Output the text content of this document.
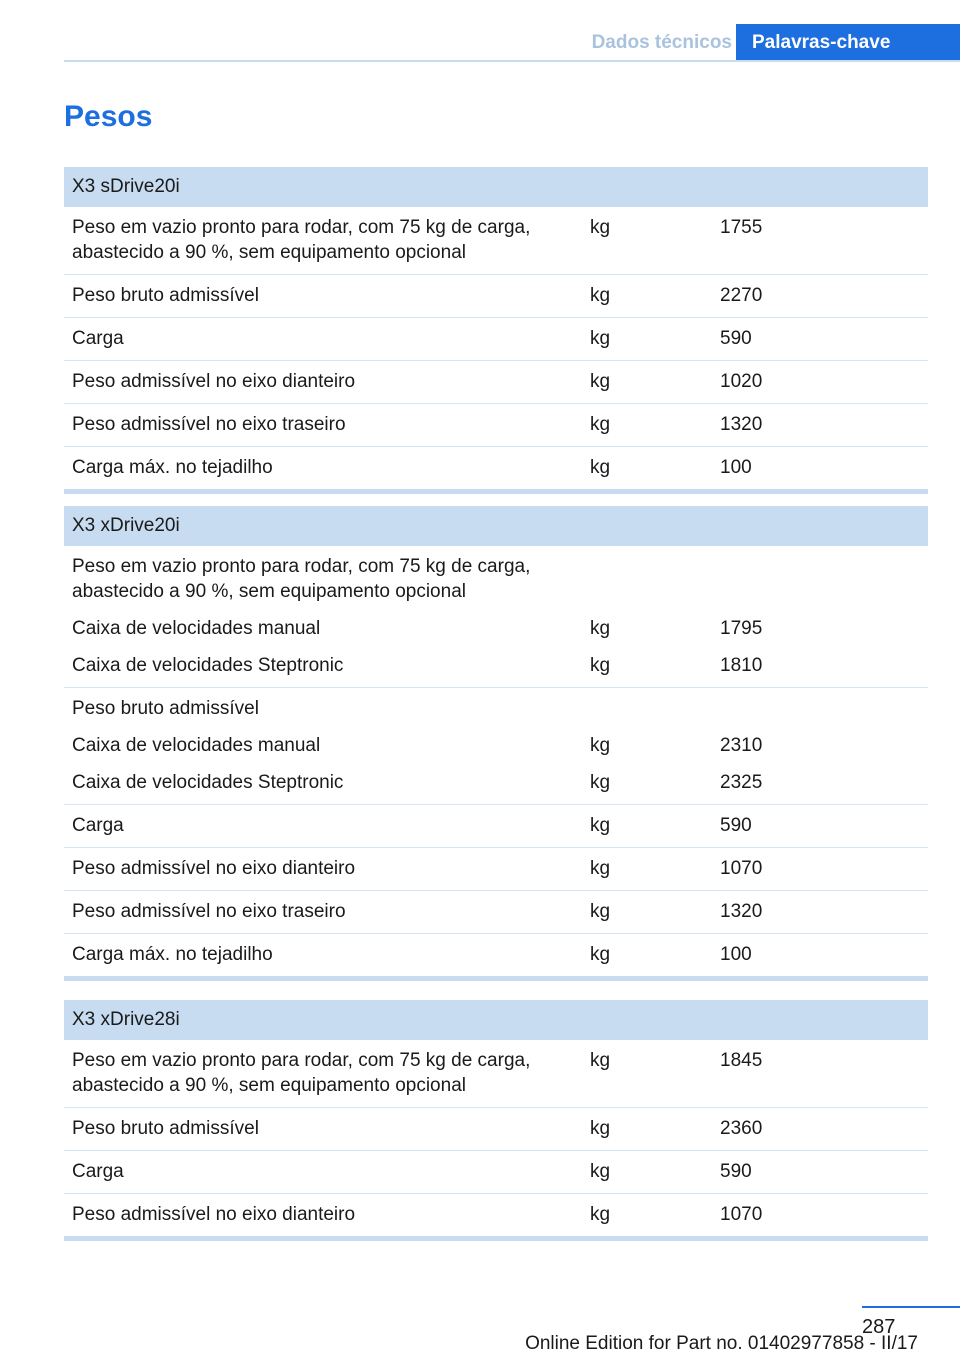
Dados técnicos	Palavras-chave
Pesos
X3 sDrive20i		
Peso em vazio pronto para rodar, com 75 kg de carga, abastecido a 90 %, sem equipamento opcional	kg	1755
Peso bruto admissível	kg	2270
Carga	kg	590
Peso admissível no eixo dianteiro	kg	1020
Peso admissível no eixo traseiro	kg	1320
Carga máx. no tejadilho	kg	100
X3 xDrive20i		
Peso em vazio pronto para rodar, com 75 kg de carga, abastecido a 90 %, sem equipamento opcional		
Caixa de velocidades manual	kg	1795
Caixa de velocidades Steptronic	kg	1810
Peso bruto admissível		
Caixa de velocidades manual	kg	2310
Caixa de velocidades Steptronic	kg	2325
Carga	kg	590
Peso admissível no eixo dianteiro	kg	1070
Peso admissível no eixo traseiro	kg	1320
Carga máx. no tejadilho	kg	100
X3 xDrive28i		
Peso em vazio pronto para rodar, com 75 kg de carga, abastecido a 90 %, sem equipamento opcional	kg	1845
Peso bruto admissível	kg	2360
Carga	kg	590
Peso admissível no eixo dianteiro	kg	1070
287
Online Edition for Part no. 01402977858 - II/17
